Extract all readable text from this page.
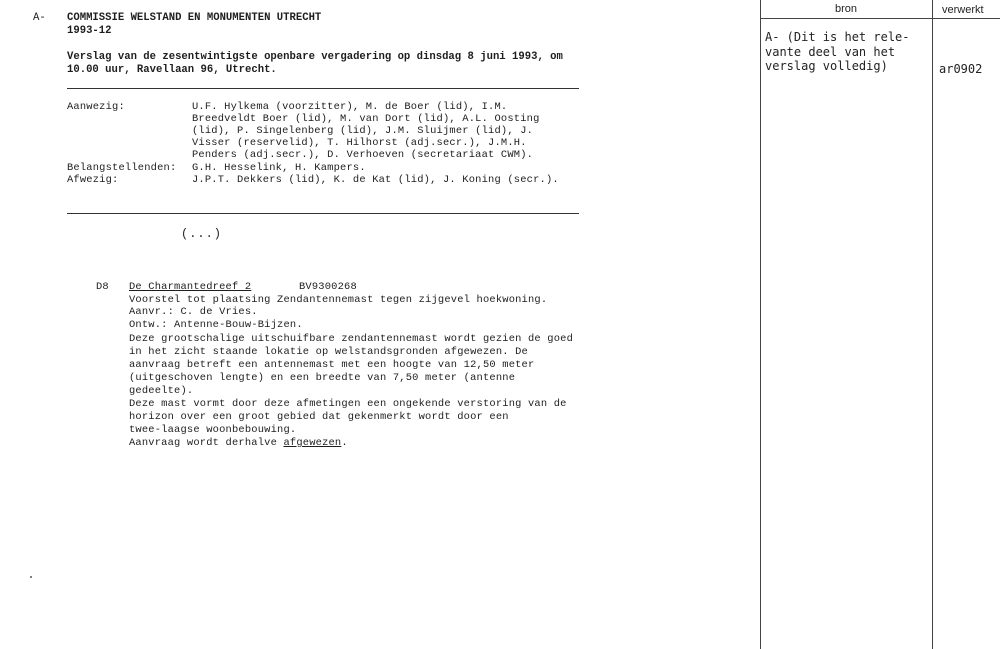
A- COMMISSIE WELSTAND EN MONUMENTEN UTRECHT
1993-12
Verslag van de zesentwintigste openbare vergadering op dinsdag 8 juni 1993, om
10.00 uur, Ravellaan 96, Utrecht.
Aanwezig:	U.F. Hylkema (voorzitter), M. de Boer (lid), I.M.
Breedveldt Boer (lid), M. van Dort (lid), A.L. Oosting
(lid), P. Singelenberg (lid), J.M. Sluijmer (lid), J.
Visser (reservelid), T. Hilhorst (adj.secr.), J.M.H.
Penders (adj.secr.), D. Verhoeven (secretariaat CWM).
Belangstellenden: G.H. Hesselink, H. Kampers.
Afwezig:	J.P.T. Dekkers (lid), K. de Kat (lid), J. Koning (secr.).
(...)
D8 De Charmantedreef 2	BV9300268
Voorstel tot plaatsing Zendantennemast tegen zijgevel hoekwoning.
Aanvr.: C. de Vries.
Ontw.: Antenne-Bouw-Bijzen.
Deze grootschalige uitschuifbare zendantennemast wordt gezien de goed
in het zicht staande lokatie op welstandsgronden afgewezen. De
aanvraag betreft een antennemast met een hoogte van 12,50 meter
(uitgeschoven lengte) en een breedte van 7,50 meter (antenne
gedeelte).
Deze mast vormt door deze afmetingen een ongekende verstoring van de
horizon over een groot gebied dat gekenmerkt wordt door een
twee-laagse woonbebouwing.
Aanvraag wordt derhalve afgewezen.
bron	verwerkt
A- (Dit is het rele-
vante deel van het
verslag volledig)	ar0902
